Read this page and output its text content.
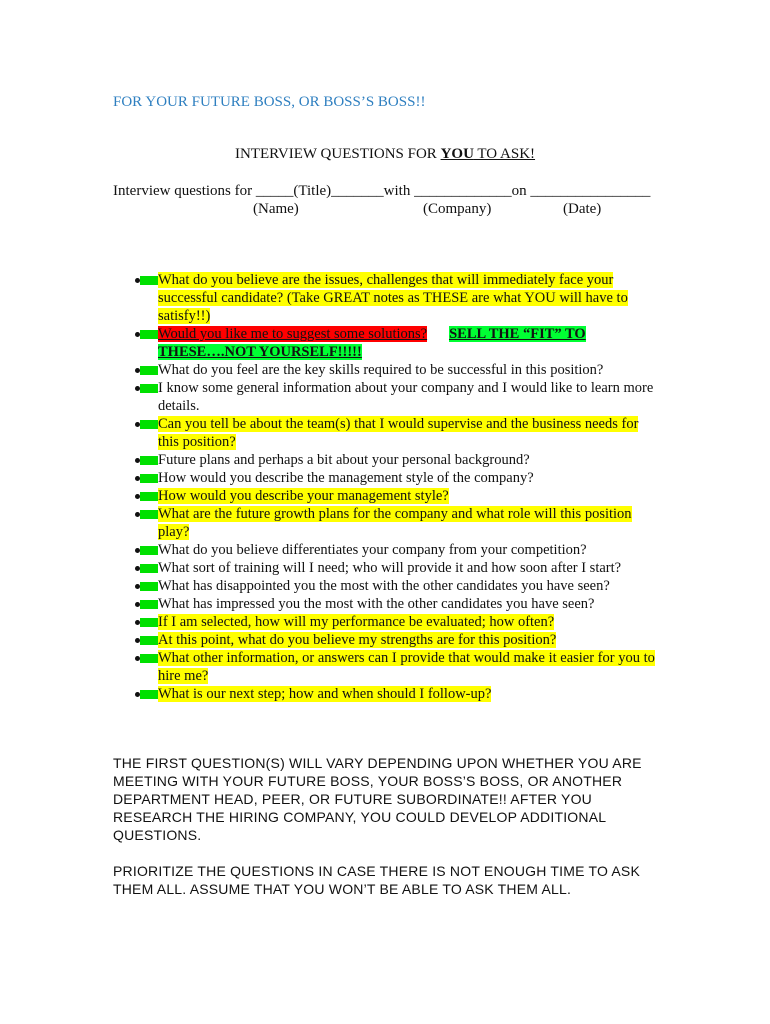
FOR YOUR FUTURE BOSS, OR BOSS’S BOSS!!
INTERVIEW QUESTIONS FOR YOU TO ASK!
Interview questions for _____(Title)_______with _____________on ________________
(Name)	(Company)	(Date)
What do you believe are the issues, challenges that will immediately face your successful candidate? (Take GREAT notes as THESE are what YOU will have to satisfy!!)
Would you like me to suggest some solutions? SELL THE “FIT” TO THESE….NOT YOURSELF!!!!!
What do you feel are the key skills required to be successful in this position?
I know some general information about your company and I would like to learn more details.
Can you tell be about the team(s) that I would supervise and the business needs for this position?
Future plans and perhaps a bit about your personal background?
How would you describe the management style of the company?
How would you describe your management style?
What are the future growth plans for the company and what role will this position play?
What do you believe differentiates your company from your competition?
What sort of training will I need; who will provide it and how soon after I start?
What has disappointed you the most with the other candidates you have seen?
What has impressed you the most with the other candidates you have seen?
If I am selected, how will my performance be evaluated; how often?
At this point, what do you believe my strengths are for this position?
What other information, or answers can I provide that would make it easier for you to hire me?
What is our next step; how and when should I follow-up?
THE FIRST QUESTION(S) WILL VARY DEPENDING UPON WHETHER YOU ARE MEETING WITH YOUR FUTURE BOSS, YOUR BOSS’S BOSS, OR ANOTHER DEPARTMENT HEAD, PEER, OR FUTURE SUBORDINATE!! AFTER YOU RESEARCH THE HIRING COMPANY, YOU COULD DEVELOP ADDITIONAL QUESTIONS.
PRIORITIZE THE QUESTIONS IN CASE THERE IS NOT ENOUGH TIME TO ASK THEM ALL. ASSUME THAT YOU WON’T BE ABLE TO ASK THEM ALL.
